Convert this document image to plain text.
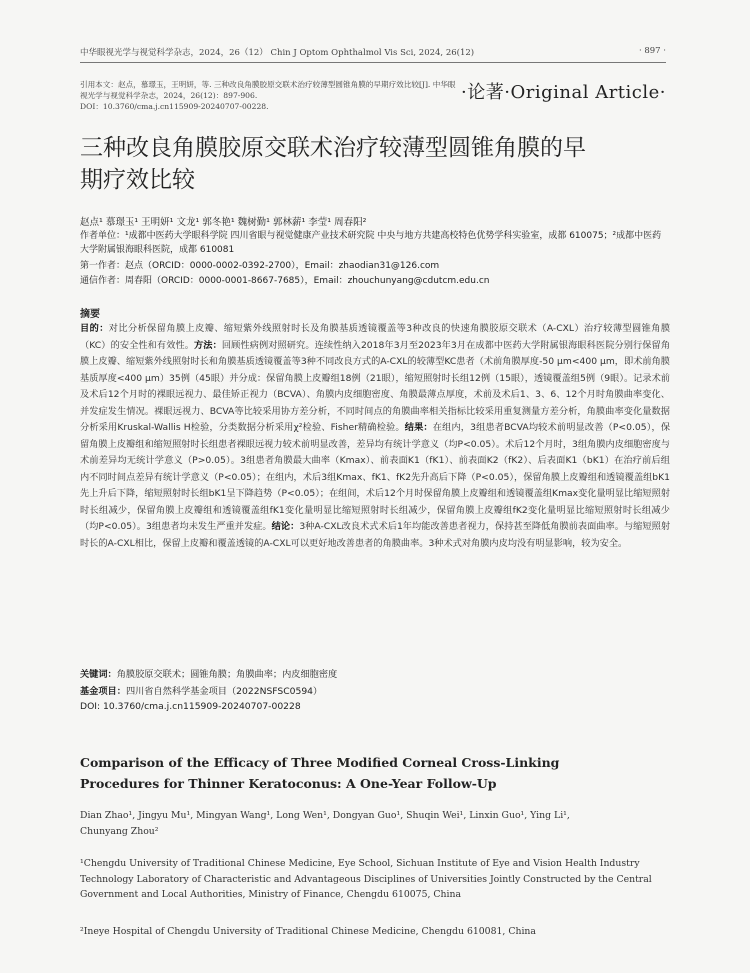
中华眼视光学与视觉科学杂志，2024，26（12） Chin J Optom Ophthalmol Vis Sci, 2024, 26(12)	· 897 ·
引用本文：赵点，慕璟玉，王明妍，等. 三种改良角膜胶原交联术治疗较薄型圆锥角膜的早期疗效比较[J]. 中华眼视光学与视觉科学杂志，2024，26(12)：897-906.
DOI：10.3760/cma.j.cn115909-20240707-00228.
·论著·Original Article·
三种改良角膜胶原交联术治疗较薄型圆锥角膜的早期疗效比较
赵点¹ 慕璟玉¹ 王明妍¹ 文龙¹ 郭冬艳¹ 魏树勤¹ 郭林薪¹ 李莹¹ 周春阳²
作者单位：¹成都中医药大学眼科学院 四川省眼与视觉健康产业技术研究院 中央与地方共建高校特色优势学科实验室，成都 610075；²成都中医药大学附属银海眼科医院，成都 610081
第一作者：赵点（ORCID：0000-0002-0392-2700），Email：zhaodian31@126.com
通信作者：周春阳（ORCID：0000-0001-8667-7685），Email：zhouchunyang@cdutcm.edu.cn
摘要
目的：对比分析保留角膜上皮瓣、缩短紫外线照射时长及角膜基质透镜覆盖等3种改良的快速角膜胶原交联术（A-CXL）治疗较薄型圆锥角膜（KC）的安全性和有效性。方法：回顾性病例对照研究。连续性纳入2018年3月至2023年3月在成都中医药大学附属银海眼科医院分别行保留角膜上皮瓣、缩短紫外线照射时长和角膜基质透镜覆盖等3种不同改良方式的A-CXL的较薄型KC患者（术前角膜厚度-50 μm<400 μm，即术前角膜基质厚度<400 μm）35例（45眼）并分成：保留角膜上皮瓣组18例（21眼），缩短照射时长组12例（15眼），透镜覆盖组5例（9眼）。记录术前及术后12个月时的裸眼远视力、最佳矫正视力（BCVA）、角膜内皮细胞密度、角膜最薄点厚度，术前及术后1、3、6、12个月时角膜曲率变化、并发症发生情况。裸眼远视力、BCVA等比较采用协方差分析，不同时间点的角膜曲率相关指标比较采用重复测量方差分析，角膜曲率变化量数据分析采用Kruskal-Wallis H检验，分类数据分析采用χ²检验、Fisher精确检验。结果：在组内，3组患者BCVA均较术前明显改善（P<0.05），保留角膜上皮瓣组和缩短照射时长组患者裸眼远视力较术前明显改善，差异均有统计学意义（均P<0.05）。术后12个月时，3组角膜内皮细胞密度与术前差异均无统计学意义（P>0.05）。3组患者角膜最大曲率（Kmax）、前表面K1（fK1）、前表面K2（fK2）、后表面K1（bK1）在治疗前后组内不同时间点差异有统计学意义（P<0.05）；在组内，术后3组Kmax、fK1、fK2先升高后下降（P<0.05），保留角膜上皮瓣组和透镜覆盖组bK1先上升后下降，缩短照射时长组bK1呈下降趋势（P<0.05）；在组间，术后12个月时保留角膜上皮瓣组和透镜覆盖组Kmax变化量明显比缩短照射时长组减少，保留角膜上皮瓣组和透镜覆盖组fK1变化量明显比缩短照射时长组减少，保留角膜上皮瓣组fK2变化量明显比缩短照射时长组减少（均P<0.05）。3组患者均未发生严重并发症。结论：3种A-CXL改良术式术后1年均能改善患者视力，保持甚至降低角膜前表面曲率。与缩短照射时长的A-CXL相比，保留上皮瓣和覆盖透镜的A-CXL可以更好地改善患者的角膜曲率。3种术式对角膜内皮均没有明显影响，较为安全。
关键词：角膜胶原交联术；圆锥角膜；角膜曲率；内皮细胞密度
基金项目：四川省自然科学基金项目（2022NSFSC0594）
DOI: 10.3760/cma.j.cn115909-20240707-00228
Comparison of the Efficacy of Three Modified Corneal Cross-Linking Procedures for Thinner Keratoconus: A One-Year Follow-Up
Dian Zhao¹, Jingyu Mu¹, Mingyan Wang¹, Long Wen¹, Dongyan Guo¹, Shuqin Wei¹, Linxin Guo¹, Ying Li¹, Chunyang Zhou²
¹Chengdu University of Traditional Chinese Medicine, Eye School, Sichuan Institute of Eye and Vision Health Industry Technology Laboratory of Characteristic and Advantageous Disciplines of Universities Jointly Constructed by the Central Government and Local Authorities, Ministry of Finance, Chengdu 610075, China
²Ineye Hospital of Chengdu University of Traditional Chinese Medicine, Chengdu 610081, China
